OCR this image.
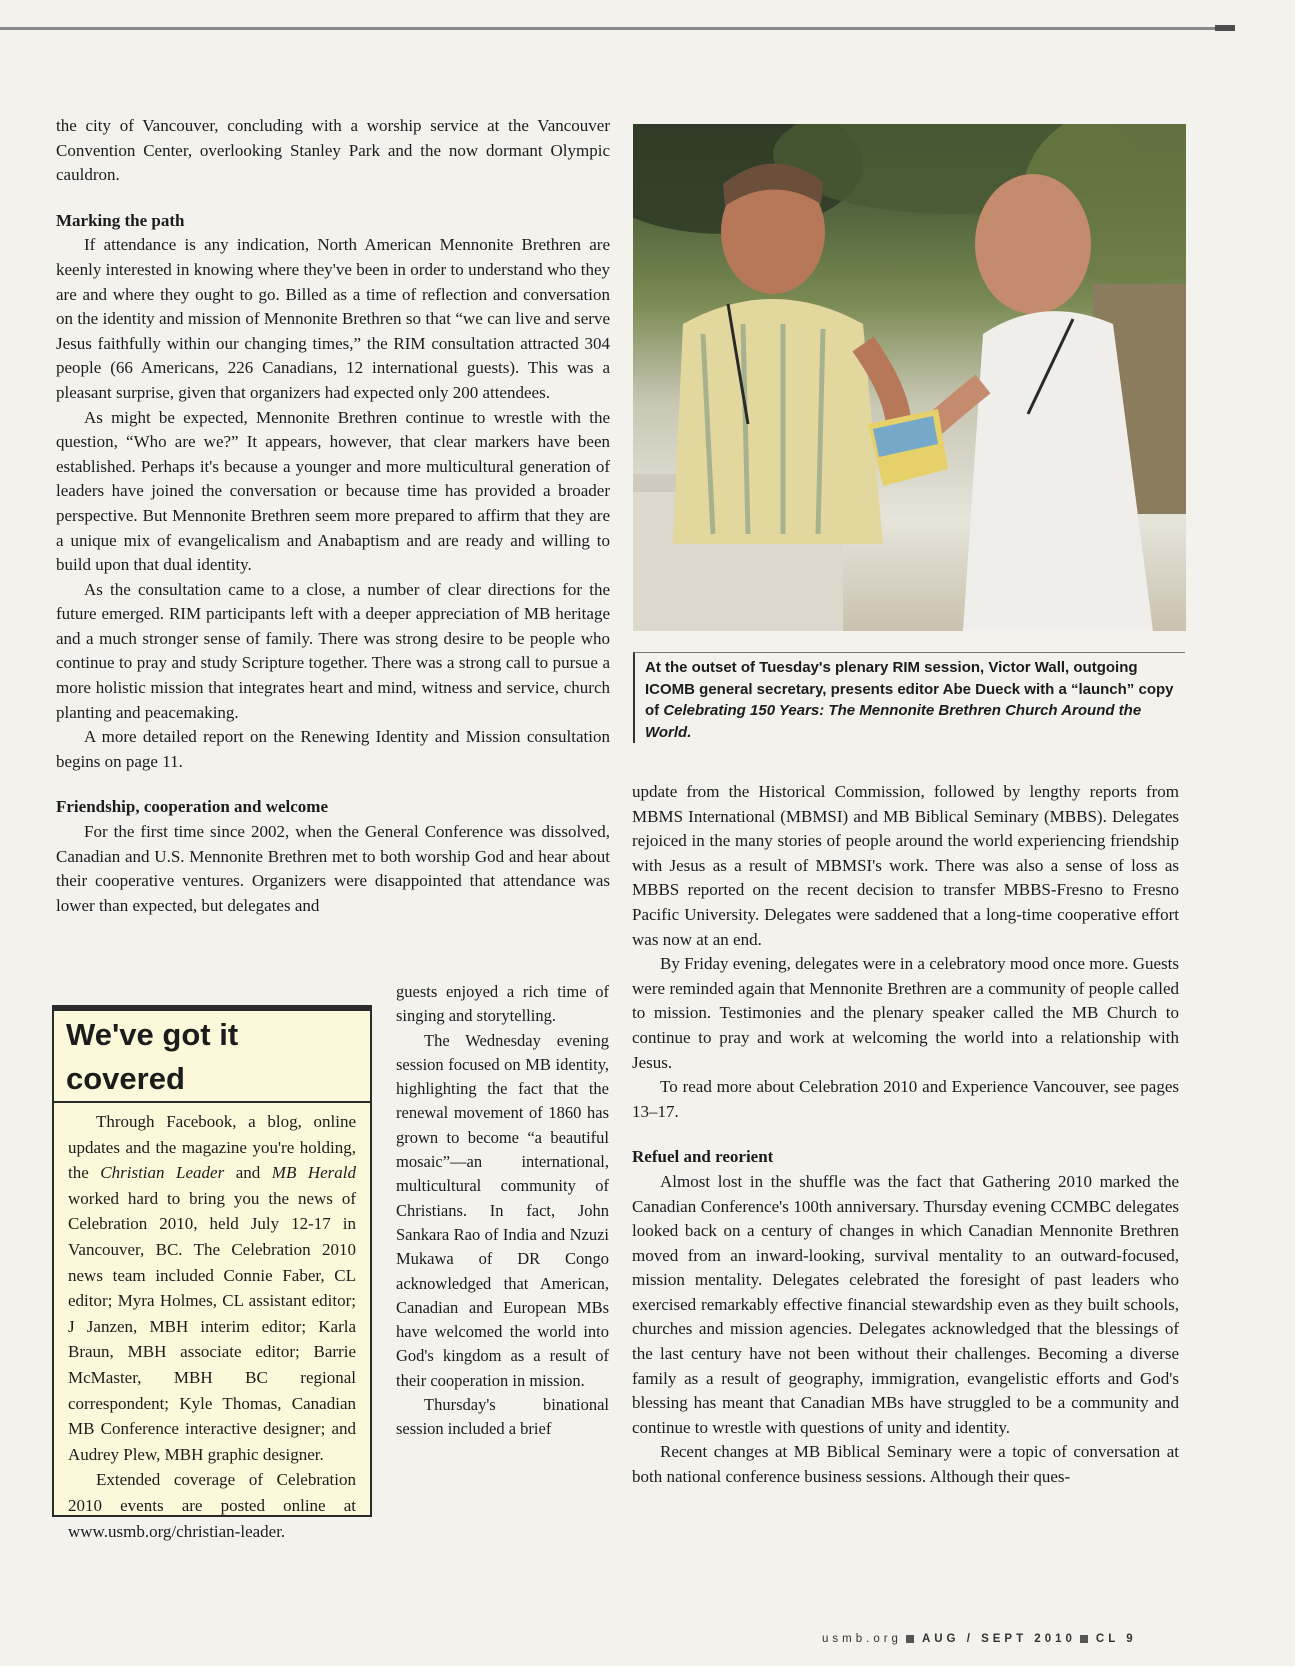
the city of Vancouver, concluding with a worship service at the Vancouver Convention Center, overlooking Stanley Park and the now dormant Olympic cauldron.

Marking the path

If attendance is any indication, North American Mennonite Brethren are keenly interested in knowing where they've been in order to understand who they are and where they ought to go. Billed as a time of reflection and conversation on the identity and mission of Mennonite Brethren so that “we can live and serve Jesus faithfully within our changing times,” the RIM consultation attracted 304 people (66 Americans, 226 Canadians, 12 international guests). This was a pleasant surprise, given that organizers had expected only 200 attendees.

As might be expected, Mennonite Brethren continue to wrestle with the question, “Who are we?” It appears, however, that clear markers have been established. Perhaps it's because a younger and more multicultural generation of leaders have joined the conversation or because time has provided a broader perspective. But Mennonite Brethren seem more prepared to affirm that they are a unique mix of evangelicalism and Anabaptism and are ready and willing to build upon that dual identity.

As the consultation came to a close, a number of clear directions for the future emerged. RIM participants left with a deeper appreciation of MB heritage and a much stronger sense of family. There was strong desire to be people who continue to pray and study Scripture together. There was a strong call to pursue a more holistic mission that integrates heart and mind, witness and service, church planting and peacemaking.

A more detailed report on the Renewing Identity and Mission consultation begins on page 11.

Friendship, cooperation and welcome

For the first time since 2002, when the General Conference was dissolved, Canadian and U.S. Mennonite Brethren met to both worship God and hear about their cooperative ventures. Organizers were disappointed that attendance was lower than expected, but delegates and

We've got it covered

Through Facebook, a blog, online updates and the magazine you're holding, the Christian Leader and MB Herald worked hard to bring you the news of Celebration 2010, held July 12-17 in Vancouver, BC. The Celebration 2010 news team included Connie Faber, CL editor; Myra Holmes, CL assistant editor; J Janzen, MBH interim editor; Karla Braun, MBH associate editor; Barrie McMaster, MBH BC regional correspondent; Kyle Thomas, Canadian MB Conference interactive designer; and Audrey Plew, MBH graphic designer.

Extended coverage of Celebration 2010 events are posted online at www.usmb.org/christian-leader.

guests enjoyed a rich time of singing and storytelling.

The Wednesday evening session focused on MB identity, highlighting the fact that the renewal movement of 1860 has grown to become “a beautiful mosaic”—an international, multicultural community of Christians. In fact, John Sankara Rao of India and Nzuzi Mukawa of DR Congo acknowledged that American, Canadian and European MBs have welcomed the world into God's kingdom as a result of their cooperation in mission.

Thursday's binational session included a brief

At the outset of Tuesday's plenary RIM session, Victor Wall, outgoing ICOMB general secretary, presents editor Abe Dueck with a “launch” copy of Celebrating 150 Years: The Mennonite Brethren Church Around the World.

update from the Historical Commission, followed by lengthy reports from MBMS International (MBMSI) and MB Biblical Seminary (MBBS). Delegates rejoiced in the many stories of people around the world experiencing friendship with Jesus as a result of MBMSI's work. There was also a sense of loss as MBBS reported on the recent decision to transfer MBBS-Fresno to Fresno Pacific University. Delegates were saddened that a long-time cooperative effort was now at an end.

By Friday evening, delegates were in a celebratory mood once more. Guests were reminded again that Mennonite Brethren are a community of people called to mission. Testimonies and the plenary speaker called the MB Church to continue to pray and work at welcoming the world into a relationship with Jesus.

To read more about Celebration 2010 and Experience Vancouver, see pages 13–17.

Refuel and reorient

Almost lost in the shuffle was the fact that Gathering 2010 marked the Canadian Conference's 100th anniversary. Thursday evening CCMBC delegates looked back on a century of changes in which Canadian Mennonite Brethren moved from an inward-looking, survival mentality to an outward-focused, mission mentality. Delegates celebrated the foresight of past leaders who exercised remarkably effective financial stewardship even as they built schools, churches and mission agencies. Delegates acknowledged that the blessings of the last century have not been without their challenges. Becoming a diverse family as a result of geography, immigration, evangelistic efforts and God's blessing has meant that Canadian MBs have struggled to be a community and continue to wrestle with questions of unity and identity.

Recent changes at MB Biblical Seminary were a topic of conversation at both national conference business sessions. Although their ques-

usmb.org AUG / SEPT 2010 CL 9
